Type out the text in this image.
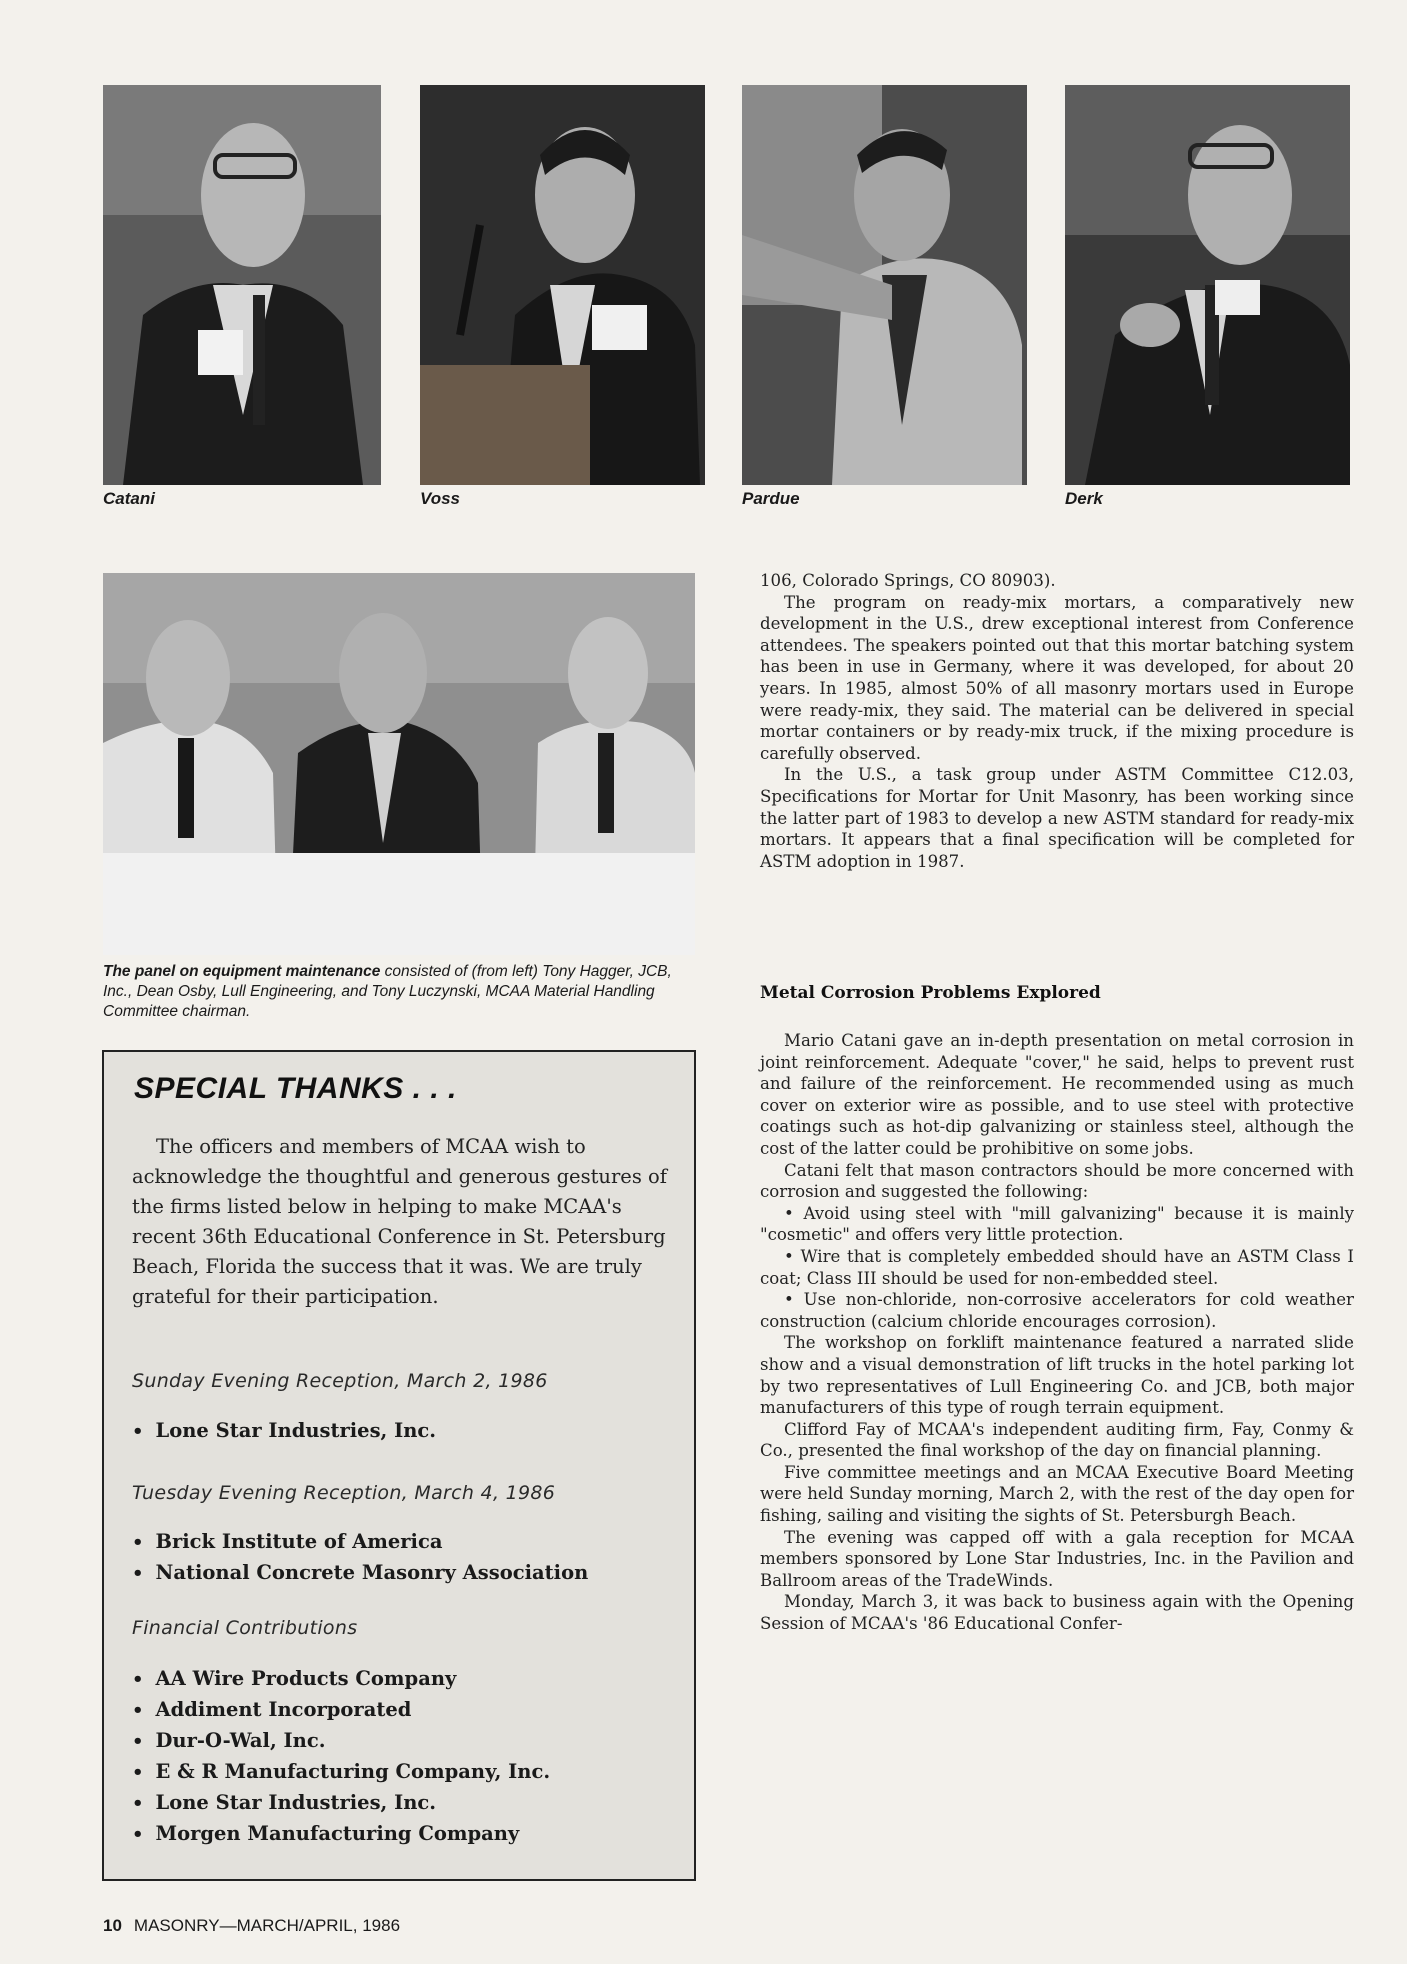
Catani	Voss	Pardue	Derk
The panel on equipment maintenance consisted of (from left) Tony Hagger, JCB, Inc., Dean Osby, Lull Engineering, and Tony Luczynski, MCAA Material Handling Committee chairman.
SPECIAL THANKS . . .
The officers and members of MCAA wish to acknowledge the thoughtful and generous gestures of the firms listed below in helping to make MCAA's recent 36th Educational Conference in St. Petersburg Beach, Florida the success that it was. We are truly grateful for their participation.
Sunday Evening Reception, March 2, 1986
• Lone Star Industries, Inc.
Tuesday Evening Reception, March 4, 1986
• Brick Institute of America
• National Concrete Masonry Association
Financial Contributions
• AA Wire Products Company
• Addiment Incorporated
• Dur-O-Wal, Inc.
• E & R Manufacturing Company, Inc.
• Lone Star Industries, Inc.
• Morgen Manufacturing Company

106, Colorado Springs, CO 80903).

The program on ready-mix mortars, a comparatively new development in the U.S., drew exceptional interest from Conference attendees. The speakers pointed out that this mortar batching system has been in use in Germany, where it was developed, for about 20 years. In 1985, almost 50% of all masonry mortars used in Europe were ready-mix, they said. The material can be delivered in special mortar containers or by ready-mix truck, if the mixing procedure is carefully observed.

In the U.S., a task group under ASTM Committee C12.03, Specifications for Mortar for Unit Masonry, has been working since the latter part of 1983 to develop a new ASTM standard for ready-mix mortars. It appears that a final specification will be completed for ASTM adoption in 1987.

Metal Corrosion Problems Explored

Mario Catani gave an in-depth presentation on metal corrosion in joint reinforcement. Adequate "cover," he said, helps to prevent rust and failure of the reinforcement. He recommended using as much cover on exterior wire as possible, and to use steel with protective coatings such as hot-dip galvanizing or stainless steel, although the cost of the latter could be prohibitive on some jobs.

Catani felt that mason contractors should be more concerned with corrosion and suggested the following:

• Avoid using steel with "mill galvanizing" because it is mainly "cosmetic" and offers very little protection.

• Wire that is completely embedded should have an ASTM Class I coat; Class III should be used for non-embedded steel.

• Use non-chloride, non-corrosive accelerators for cold weather construction (calcium chloride encourages corrosion).

The workshop on forklift maintenance featured a narrated slide show and a visual demonstration of lift trucks in the hotel parking lot by two representatives of Lull Engineering Co. and JCB, both major manufacturers of this type of rough terrain equipment.

Clifford Fay of MCAA's independent auditing firm, Fay, Conmy & Co., presented the final workshop of the day on financial planning.

Five committee meetings and an MCAA Executive Board Meeting were held Sunday morning, March 2, with the rest of the day open for fishing, sailing and visiting the sights of St. Petersburgh Beach.

The evening was capped off with a gala reception for MCAA members sponsored by Lone Star Industries, Inc. in the Pavilion and Ballroom areas of the TradeWinds.

Monday, March 3, it was back to business again with the Opening Session of MCAA's '86 Educational Confer-

10 MASONRY—MARCH/APRIL, 1986
